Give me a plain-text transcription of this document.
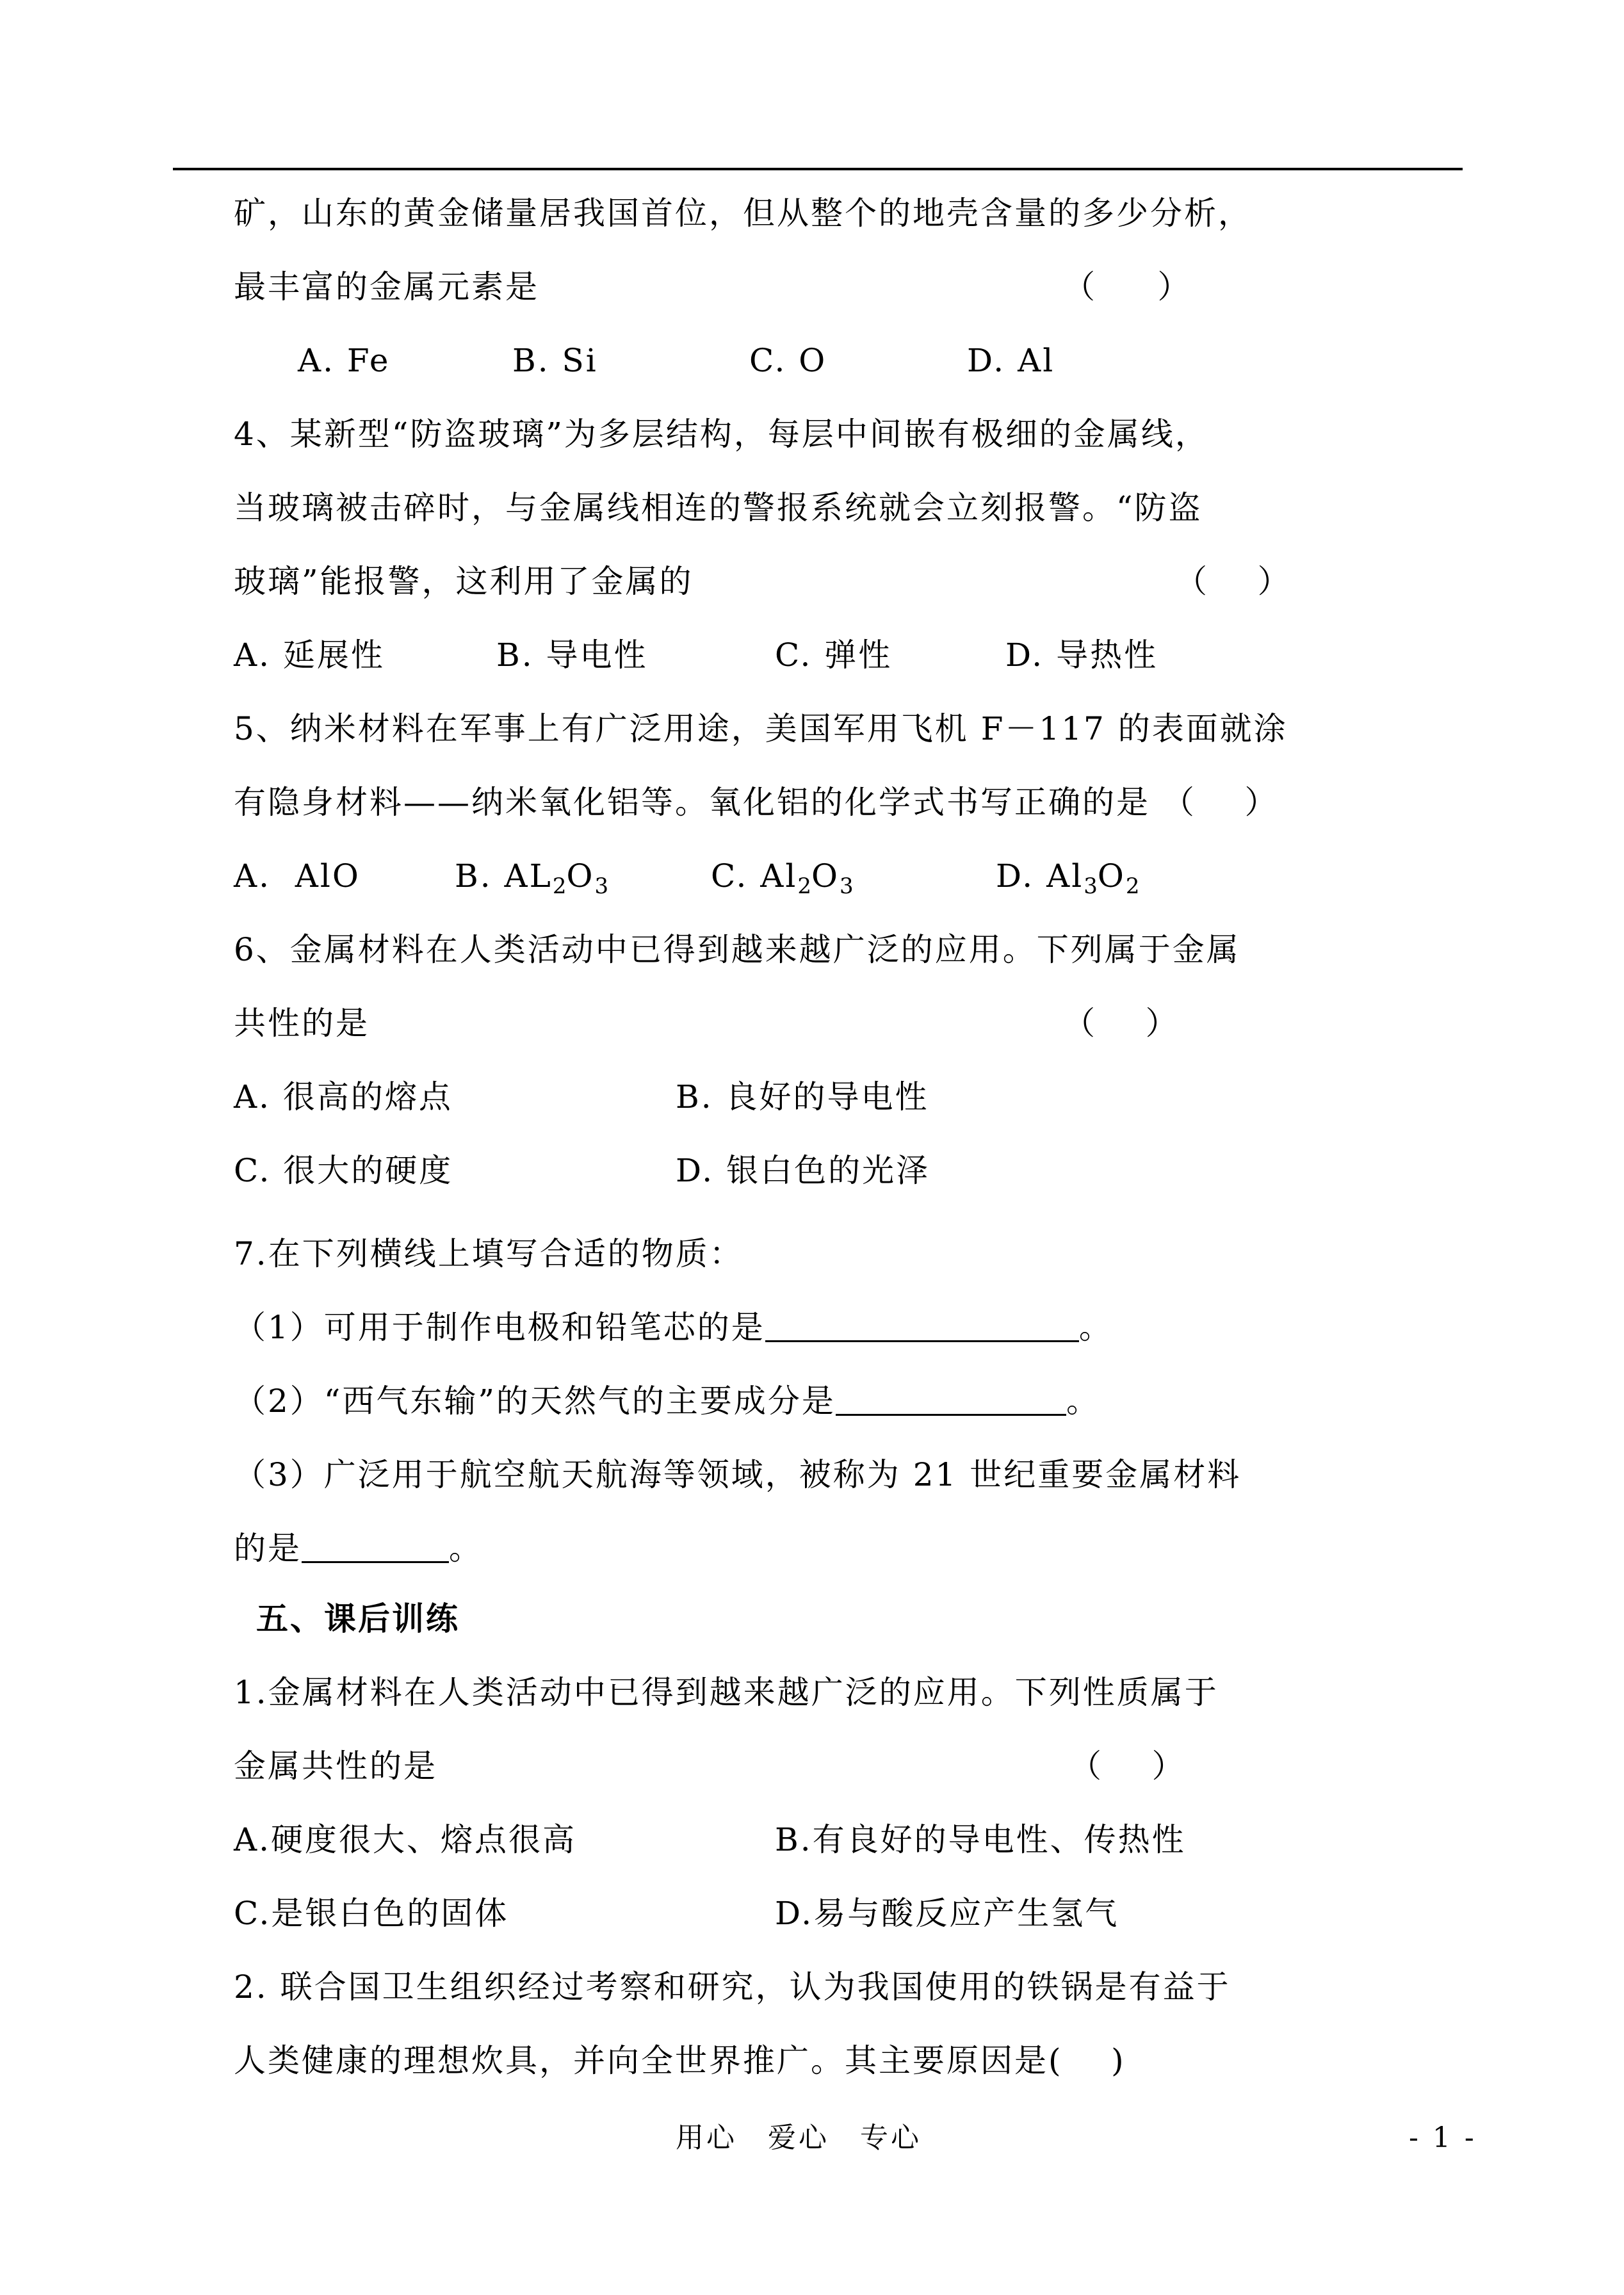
矿，山东的黄金储量居我国首位，但从整个的地壳含量的多少分析，
最丰富的金属元素是	（     ）
A. Fe	B. Si	C. O	D. Al
4、某新型“防盗玻璃”为多层结构，每层中间嵌有极细的金属线，
当玻璃被击碎时，与金属线相连的警报系统就会立刻报警。“防盗
玻璃”能报警，这利用了金属的	（    ）
A. 延展性	B. 导电性	C. 弹性	D. 导热性
5、纳米材料在军事上有广泛用途，美国军用飞机 F－117 的表面就涂
有隐身材料——纳米氧化铝等。氧化铝的化学式书写正确的是 （    ）
A.  AlO	B. $AL_2O_3$	C. $Al_2O_3$	D. $Al_3O_2$
6、金属材料在人类活动中已得到越来越广泛的应用。下列属于金属
共性的是	（    ）
A. 很高的熔点	B. 良好的导电性
C. 很大的硬度	D. 银白色的光泽
7.在下列横线上填写合适的物质：
（1）可用于制作电极和铅笔芯的是	。
（2）“西气东输”的天然气的主要成分是	。
（3）广泛用于航空航天航海等领域，被称为 21 世纪重要金属材料
的是	。
五、课后训练
1.金属材料在人类活动中已得到越来越广泛的应用。下列性质属于
金属共性的是	（    ）
A.硬度很大、熔点很高	B.有良好的导电性、传热性
C.是银白色的固体	D.易与酸反应产生氢气
2. 联合国卫生组织经过考察和研究，认为我国使用的铁锅是有益于
人类健康的理想炊具，并向全世界推广。其主要原因是(    )
用心　爱心　专心	- 1 -
